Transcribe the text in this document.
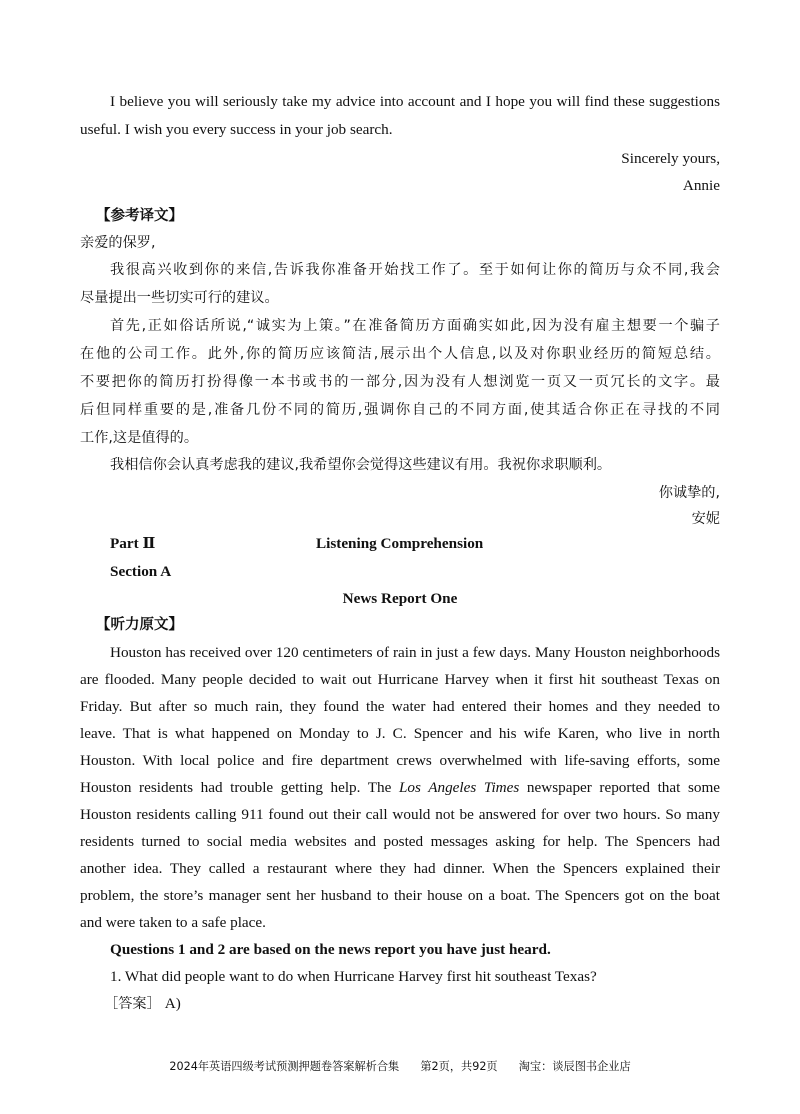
I believe you will seriously take my advice into account and I hope you will find these suggestions
useful. I wish you every success in your job search.
Sincerely yours,
Annie
【参考译文】
亲爱的保罗,
我很高兴收到你的来信,告诉我你准备开始找工作了。至于如何让你的简历与众不同,我会
尽量提出一些切实可行的建议。
首先,正如俗话所说,“诚实为上策。”在准备简历方面确实如此,因为没有雇主想要一个骗子
在他的公司工作。此外,你的简历应该简洁,展示出个人信息,以及对你职业经历的简短总结。
不要把你的简历打扮得像一本书或书的一部分,因为没有人想浏览一页又一页冗长的文字。最
后但同样重要的是,准备几份不同的简历,强调你自己的不同方面,使其适合你正在寻找的不同
工作,这是值得的。
我相信你会认真考虑我的建议,我希望你会觉得这些建议有用。我祝你求职顺利。
你诚挚的,
安妮
Part Ⅱ	Listening Comprehension
Section A
News Report One
【听力原文】
Houston has received over 120 centimeters of rain in just a few days. Many Houston neighborhoods
are flooded. Many people decided to wait out Hurricane Harvey when it first hit southeast Texas on
Friday. But after so much rain, they found the water had entered their homes and they needed to
leave. That is what happened on Monday to J. C. Spencer and his wife Karen, who live in north
Houston. With local police and fire department crews overwhelmed with life-saving efforts, some
Houston residents had trouble getting help. The Los Angeles Times newspaper reported that some
Houston residents calling 911 found out their call would not be answered for over two hours. So many
residents turned to social media websites and posted messages asking for help. The Spencers had
another idea. They called a restaurant where they had dinner. When the Spencers explained their
problem, the store’s manager sent her husband to their house on a boat. The Spencers got on the boat
and were taken to a safe place.
Questions 1 and 2 are based on the news report you have just heard.
1. What did people want to do when Hurricane Harvey first hit southeast Texas?
［答案］ A)
2024年英语四级考试预测押题卷答案解析合集 第2页，共92页 淘宝：谈辰图书企业店
